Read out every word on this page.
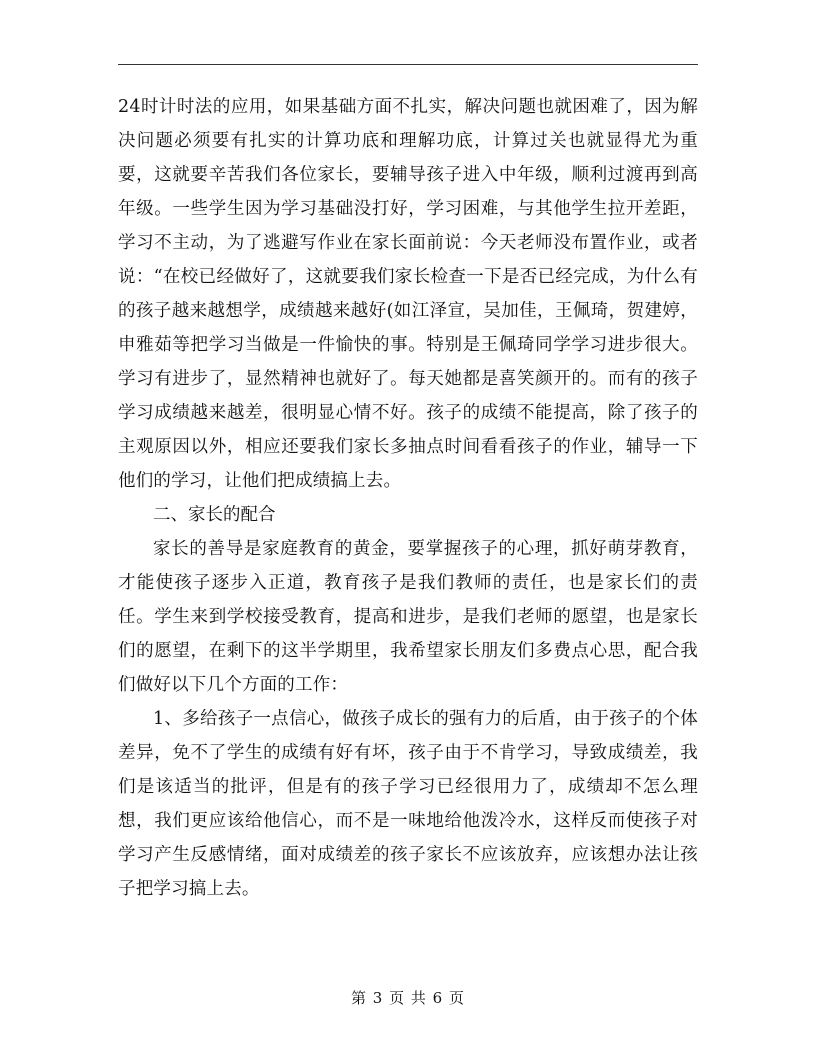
24时计时法的应用，如果基础方面不扎实，解决问题也就困难了，因为解决问题必须要有扎实的计算功底和理解功底，计算过关也就显得尤为重要，这就要辛苦我们各位家长，要辅导孩子进入中年级，顺利过渡再到高年级。一些学生因为学习基础没打好，学习困难，与其他学生拉开差距，学习不主动，为了逃避写作业在家长面前说：今天老师没布置作业，或者说：“在校已经做好了，这就要我们家长检查一下是否已经完成，为什么有的孩子越来越想学，成绩越来越好(如江泽宣，吴加佳，王佩琦，贺建婷，申雅茹等把学习当做是一件愉快的事。特别是王佩琦同学学习进步很大。学习有进步了，显然精神也就好了。每天她都是喜笑颜开的。而有的孩子学习成绩越来越差，很明显心情不好。孩子的成绩不能提高，除了孩子的主观原因以外，相应还要我们家长多抽点时间看看孩子的作业，辅导一下他们的学习，让他们把成绩搞上去。

二、家长的配合

家长的善导是家庭教育的黄金，要掌握孩子的心理，抓好萌芽教育，才能使孩子逐步入正道，教育孩子是我们教师的责任，也是家长们的责任。学生来到学校接受教育，提高和进步，是我们老师的愿望，也是家长们的愿望，在剩下的这半学期里，我希望家长朋友们多费点心思，配合我们做好以下几个方面的工作：

1、多给孩子一点信心，做孩子成长的强有力的后盾，由于孩子的个体差异，免不了学生的成绩有好有坏，孩子由于不肯学习，导致成绩差，我们是该适当的批评，但是有的孩子学习已经很用力了，成绩却不怎么理想，我们更应该给他信心，而不是一味地给他泼冷水，这样反而使孩子对学习产生反感情绪，面对成绩差的孩子家长不应该放弃，应该想办法让孩子把学习搞上去。

第 3 页 共 6 页
